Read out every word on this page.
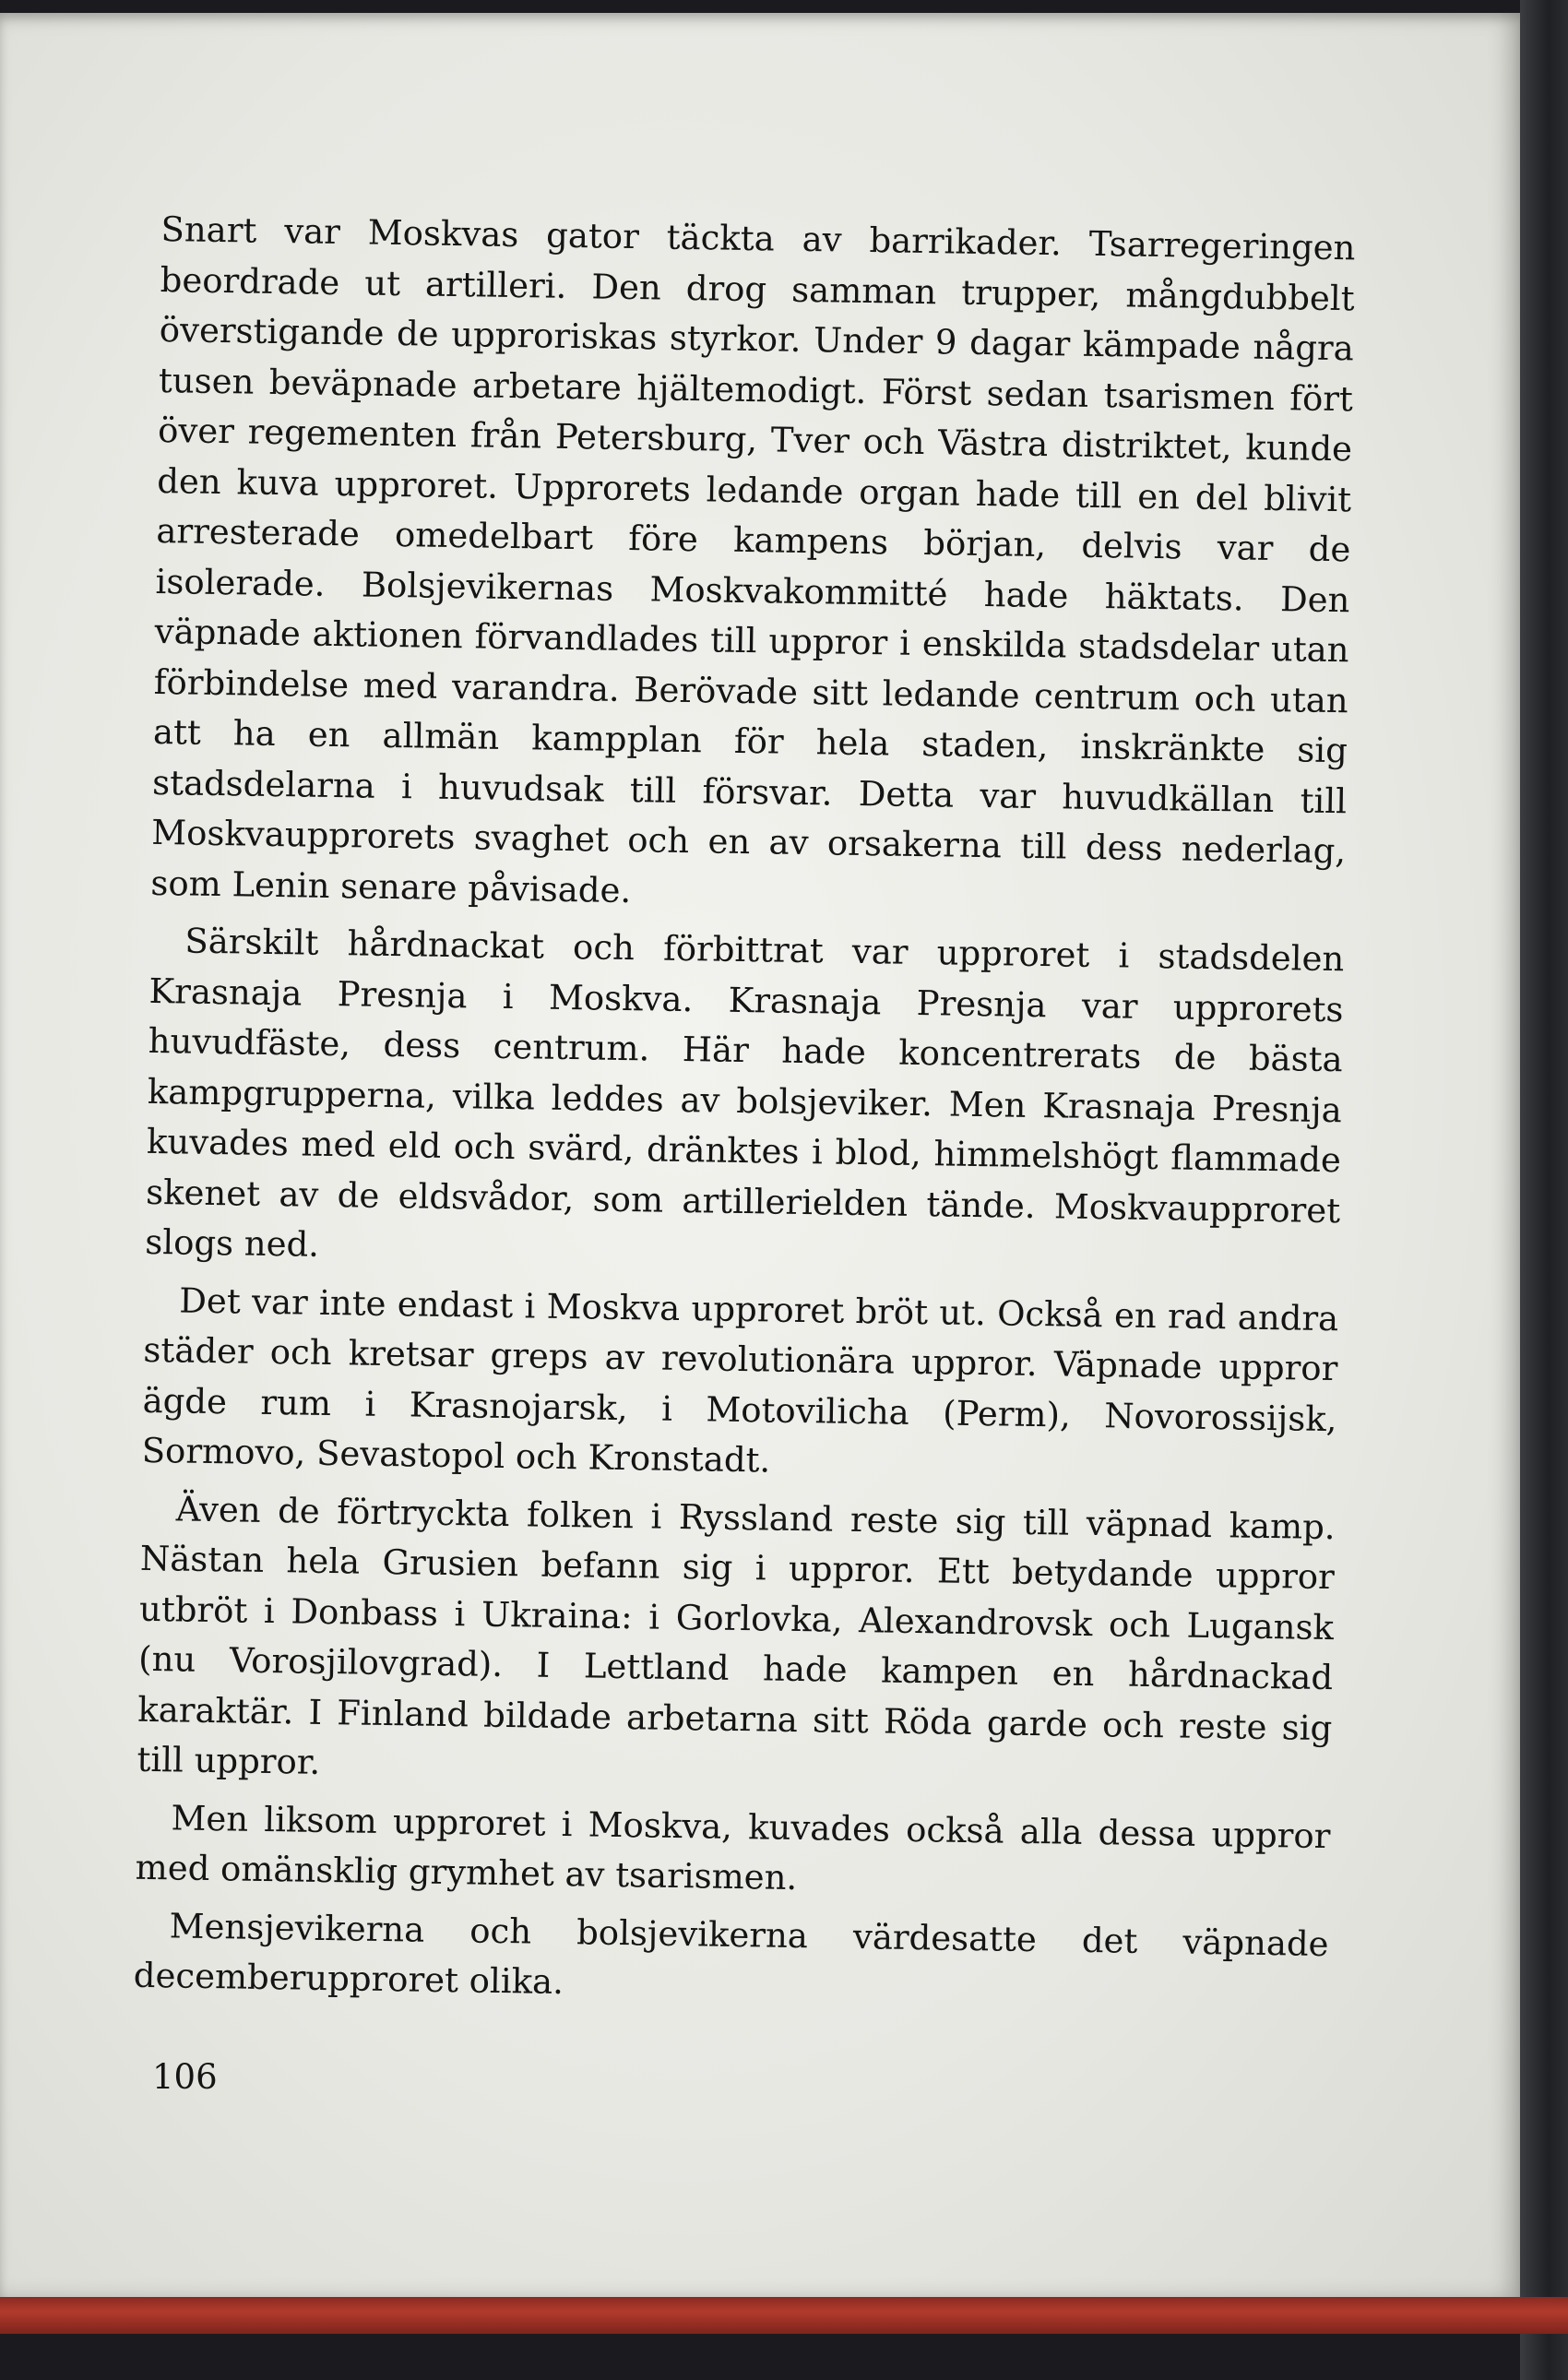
Snart var Moskvas gator täckta av barrikader. Tsarregeringen beordrade ut artilleri. Den drog samman trupper, mångdubbelt överstigande de upproriskas styrkor. Under 9 dagar kämpade några tusen beväpnade arbetare hjältemodigt. Först sedan tsarismen fört över regementen från Petersburg, Tver och Västra distriktet, kunde den kuva upproret. Upprorets ledande organ hade till en del blivit arresterade omedelbart före kampens början, delvis var de isolerade. Bolsjevikernas Moskvakommitté hade häktats. Den väpnade aktionen förvandlades till uppror i enskilda stadsdelar utan förbindelse med varandra. Berövade sitt ledande centrum och utan att ha en allmän kampplan för hela staden, inskränkte sig stadsdelarna i huvudsak till försvar. Detta var huvudkällan till Moskvaupprorets svaghet och en av orsakerna till dess nederlag, som Lenin senare påvisade.

Särskilt hårdnackat och förbittrat var upproret i stadsdelen Krasnaja Presnja i Moskva. Krasnaja Presnja var upprorets huvudfäste, dess centrum. Här hade koncentrerats de bästa kampgrupperna, vilka leddes av bolsjeviker. Men Krasnaja Presnja kuvades med eld och svärd, dränktes i blod, himmelshögt flammade skenet av de eldsvådor, som artillerielden tände. Moskvaupproret slogs ned.

Det var inte endast i Moskva upproret bröt ut. Också en rad andra städer och kretsar greps av revolutionära uppror. Väpnade uppror ägde rum i Krasnojarsk, i Motovilicha (Perm), Novorossijsk, Sormovo, Sevastopol och Kronstadt.

Även de förtryckta folken i Ryssland reste sig till väpnad kamp. Nästan hela Grusien befann sig i uppror. Ett betydande uppror utbröt i Donbass i Ukraina: i Gorlovka, Alexandrovsk och Lugansk (nu Vorosjilovgrad). I Lettland hade kampen en hårdnackad karaktär. I Finland bildade arbetarna sitt Röda garde och reste sig till uppror.

Men liksom upproret i Moskva, kuvades också alla dessa uppror med omänsklig grymhet av tsarismen.

Mensjevikerna och bolsjevikerna värdesatte det väpnade decemberupproret olika.

106
